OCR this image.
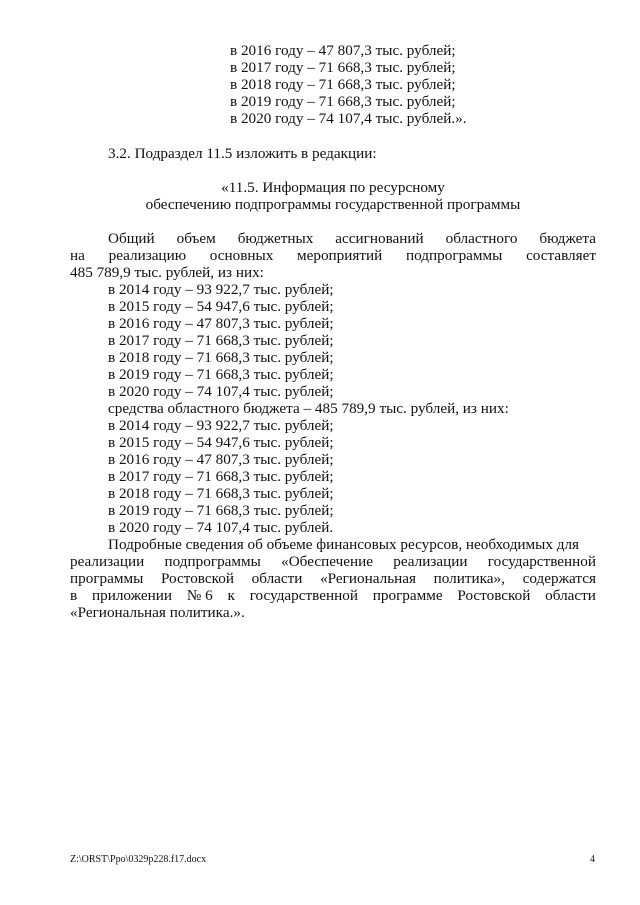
в 2016 году – 47 807,3 тыс. рублей;
в 2017 году – 71 668,3 тыс. рублей;
в 2018 году – 71 668,3 тыс. рублей;
в 2019 году – 71 668,3 тыс. рублей;
в 2020 году – 74 107,4 тыс. рублей.».
3.2. Подраздел 11.5 изложить в редакции:
«11.5. Информация по ресурсному
обеспечению подпрограммы государственной программы
Общий объем бюджетных ассигнований областного бюджета
на реализацию основных мероприятий подпрограммы составляет
485 789,9 тыс. рублей, из них:
в 2014 году – 93 922,7 тыс. рублей;
в 2015 году – 54 947,6 тыс. рублей;
в 2016 году – 47 807,3 тыс. рублей;
в 2017 году – 71 668,3 тыс. рублей;
в 2018 году – 71 668,3 тыс. рублей;
в 2019 году – 71 668,3 тыс. рублей;
в 2020 году – 74 107,4 тыс. рублей;
средства областного бюджета – 485 789,9 тыс. рублей, из них:
в 2014 году – 93 922,7 тыс. рублей;
в 2015 году – 54 947,6 тыс. рублей;
в 2016 году – 47 807,3 тыс. рублей;
в 2017 году – 71 668,3 тыс. рублей;
в 2018 году – 71 668,3 тыс. рублей;
в 2019 году – 71 668,3 тыс. рублей;
в 2020 году – 74 107,4 тыс. рублей.
Подробные сведения об объеме финансовых ресурсов, необходимых для
реализации подпрограммы «Обеспечение реализации государственной
программы Ростовской области «Региональная политика», содержатся
в приложении № 6 к государственной программе Ростовской области
«Региональная политика.».
Z:\ORST\Ppo\0329p228.f17.docx	4
